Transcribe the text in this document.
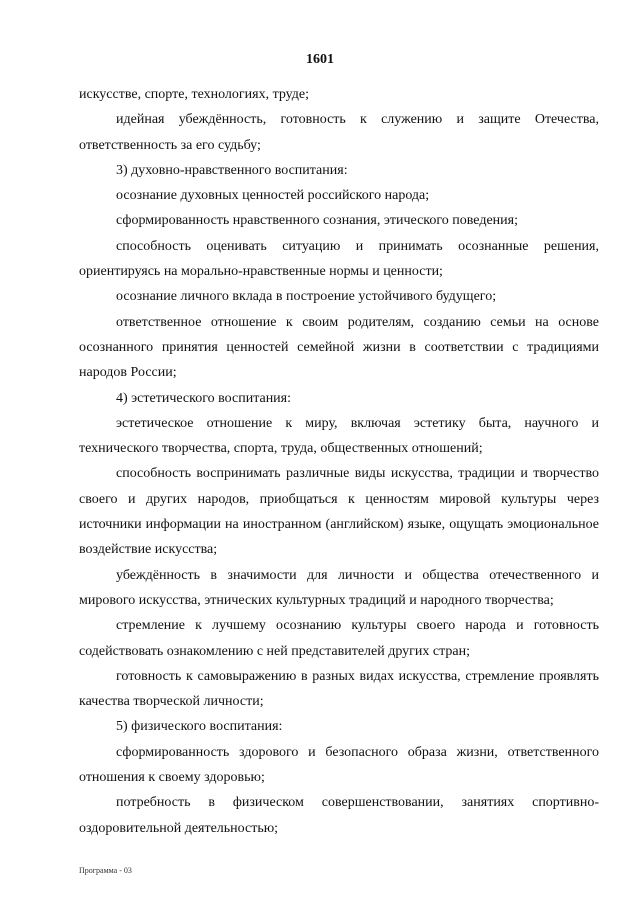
1601

искусстве, спорте, технологиях, труде;

идейная убеждённость, готовность к служению и защите Отечества, ответственность за его судьбу;

3) духовно-нравственного воспитания:

осознание духовных ценностей российского народа;

сформированность нравственного сознания, этического поведения;

способность оценивать ситуацию и принимать осознанные решения, ориентируясь на морально-нравственные нормы и ценности;

осознание личного вклада в построение устойчивого будущего;

ответственное отношение к своим родителям, созданию семьи на основе осознанного принятия ценностей семейной жизни в соответствии с традициями народов России;

4) эстетического воспитания:

эстетическое отношение к миру, включая эстетику быта, научного и технического творчества, спорта, труда, общественных отношений;

способность воспринимать различные виды искусства, традиции и творчество своего и других народов, приобщаться к ценностям мировой культуры через источники информации на иностранном (английском) языке, ощущать эмоциональное воздействие искусства;

убеждённость в значимости для личности и общества отечественного и мирового искусства, этнических культурных традиций и народного творчества;

стремление к лучшему осознанию культуры своего народа и готовность содействовать ознакомлению с ней представителей других стран;

готовность к самовыражению в разных видах искусства, стремление проявлять качества творческой личности;

5) физического воспитания:

сформированность здорового и безопасного образа жизни, ответственного отношения к своему здоровью;

потребность в физическом совершенствовании, занятиях спортивно-оздоровительной деятельностью;

Программа - 03
